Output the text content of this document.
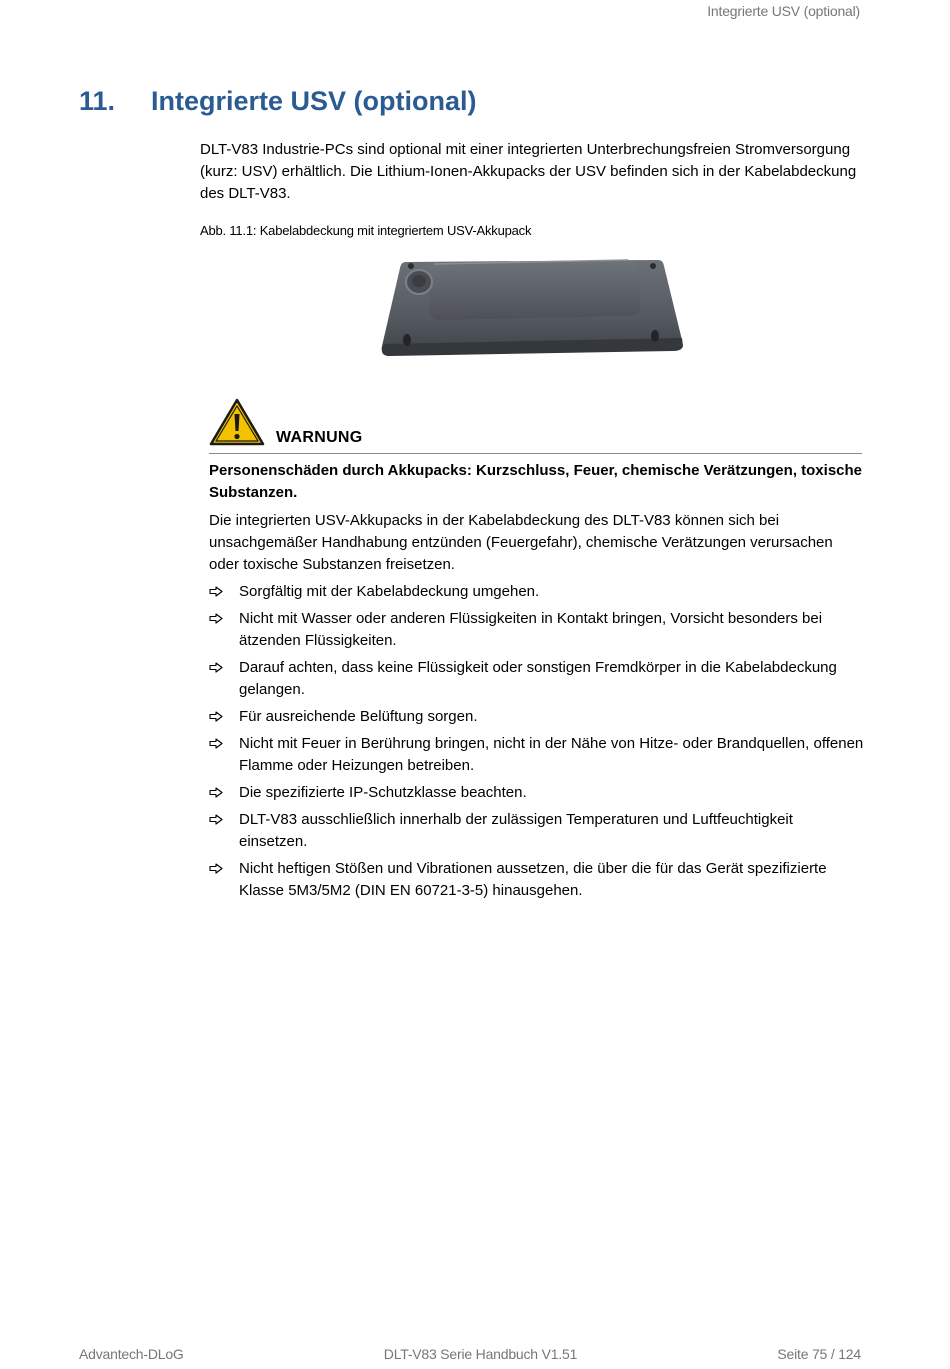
Integrierte USV (optional)
11.	Integrierte USV (optional)

DLT-V83 Industrie-PCs sind optional mit einer integrierten Unterbrechungsfreien Stromversorgung (kurz: USV) erhältlich. Die Lithium-Ionen-Akkupacks der USV befinden sich in der Kabelabdeckung des DLT-V83.

Abb. 11.1: Kabelabdeckung mit integriertem USV-Akkupack
WARNUNG

Personenschäden durch Akkupacks: Kurzschluss, Feuer, chemische Verätzungen, toxische Substanzen.

Die integrierten USV-Akkupacks in der Kabelabdeckung des DLT-V83 können sich bei unsachgemäßer Handhabung entzünden (Feuergefahr), chemische Verätzungen verursachen oder toxische Substanzen freisetzen.

Sorgfältig mit der Kabelabdeckung umgehen.
Nicht mit Wasser oder anderen Flüssigkeiten in Kontakt bringen, Vorsicht besonders bei ätzenden Flüssigkeiten.
Darauf achten, dass keine Flüssigkeit oder sonstigen Fremdkörper in die Kabelabdeckung gelangen.
Für ausreichende Belüftung sorgen.
Nicht mit Feuer in Berührung bringen, nicht in der Nähe von Hitze- oder Brandquellen, offenen Flamme oder Heizungen betreiben.
Die spezifizierte IP-Schutzklasse beachten.
DLT-V83 ausschließlich innerhalb der zulässigen Temperaturen und Luftfeuchtigkeit einsetzen.
Nicht heftigen Stößen und Vibrationen aussetzen, die über die für das Gerät spezifizierte Klasse 5M3/5M2 (DIN EN 60721-3-5) hinausgehen.
Advantech-DLoG	DLT-V83 Serie Handbuch V1.51	Seite 75 / 124
